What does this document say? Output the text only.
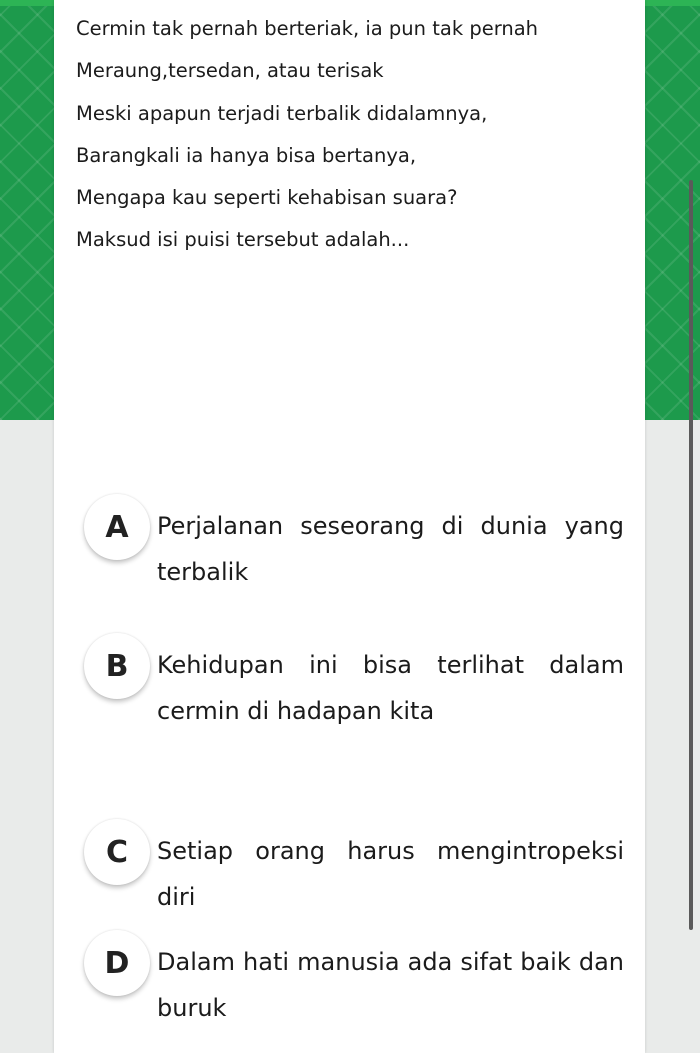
Cermin tak pernah berteriak, ia pun tak pernah

Meraung,tersedan, atau terisak

Meski apapun terjadi terbalik didalamnya,

Barangkali ia hanya bisa bertanya,

Mengapa kau seperti kehabisan suara?

Maksud isi puisi tersebut adalah...

A	Perjalanan seseorang di dunia yang terbalik
B	Kehidupan ini bisa terlihat dalam cermin di hadapan kita
C	Setiap orang harus mengintropeksi diri
D	Dalam hati manusia ada sifat baik dan buruk
